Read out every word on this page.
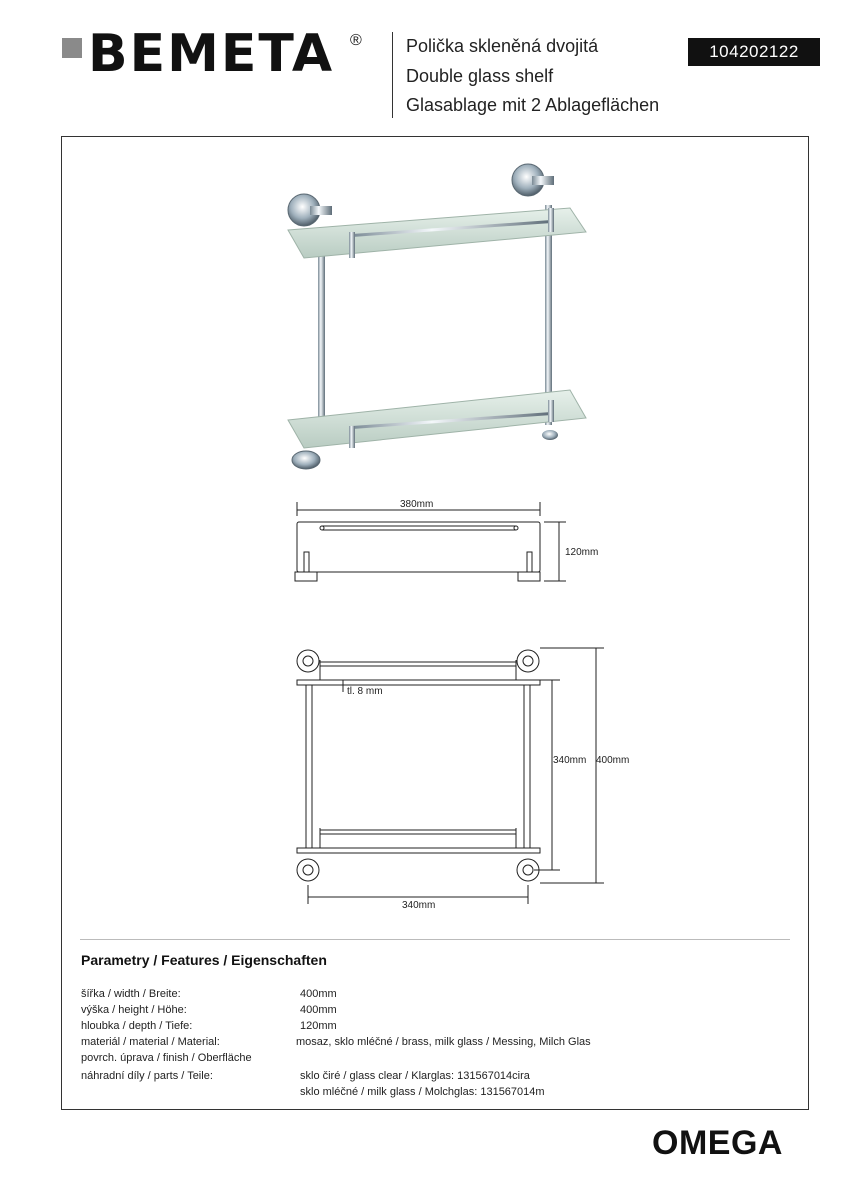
BEMETA ® Polička skleněná dvojitá
Double glass shelf
Glasablage mit 2 Ablageflächen
104202122
380mm
120mm
tl. 8 mm
340mm 400mm
340mm
Parametry / Features / Eigenschaften
šířka / width / Breite:	400mm
výška / height / Höhe:	400mm
hloubka / depth / Tiefe:	120mm
materiál / material / Material:	mosaz, sklo mléčné / brass, milk glass / Messing, Milch Glas
povrch. úprava / finish / Oberfläche
náhradní díly / parts / Teile:	sklo čiré / glass clear / Klarglas: 131567014cira
sklo mléčné / milk glass / Molchglas: 131567014m
OMEGA
